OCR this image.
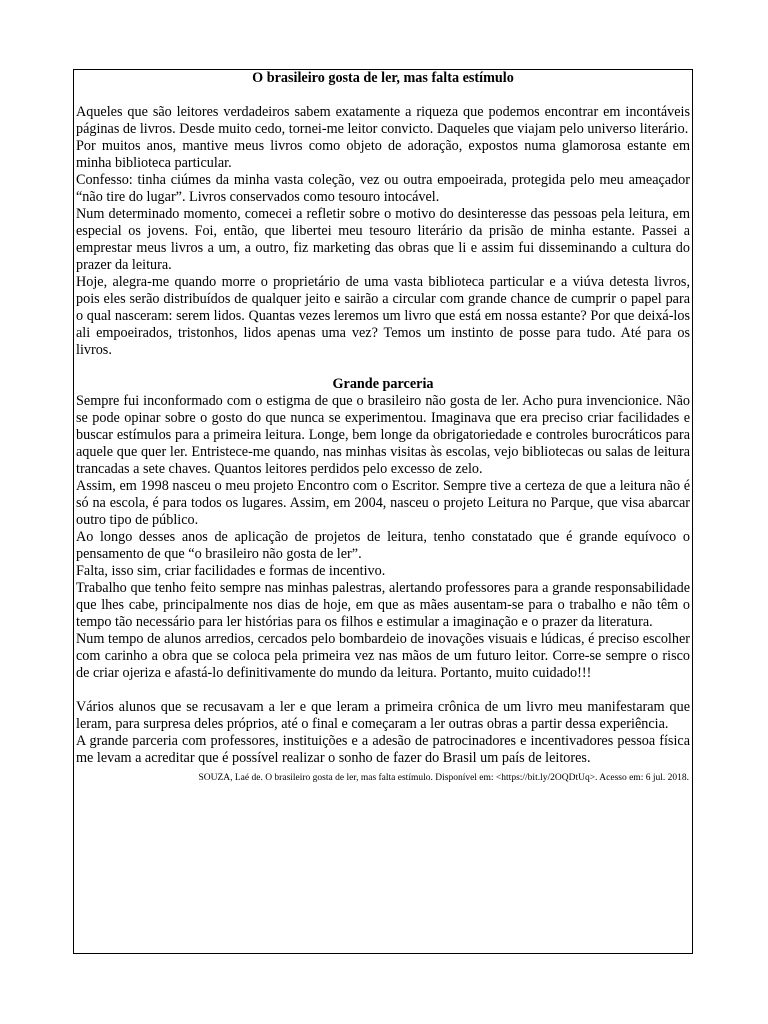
O brasileiro gosta de ler, mas falta estímulo

Aqueles que são leitores verdadeiros sabem exatamente a riqueza que podemos encontrar em incontáveis páginas de livros. Desde muito cedo, tornei-me leitor convicto. Daqueles que viajam pelo universo literário.

Por muitos anos, mantive meus livros como objeto de adoração, expostos numa glamorosa estante em minha biblioteca particular.

Confesso: tinha ciúmes da minha vasta coleção, vez ou outra empoeirada, protegida pelo meu ameaçador “não tire do lugar”. Livros conservados como tesouro intocável.

Num determinado momento, comecei a refletir sobre o motivo do desinteresse das pessoas pela leitura, em especial os jovens. Foi, então, que libertei meu tesouro literário da prisão de minha estante. Passei a emprestar meus livros a um, a outro, fiz marketing das obras que li e assim fui disseminando a cultura do prazer da leitura.

Hoje, alegra-me quando morre o proprietário de uma vasta biblioteca particular e a viúva detesta livros, pois eles serão distribuídos de qualquer jeito e sairão a circular com grande chance de cumprir o papel para o qual nasceram: serem lidos. Quantas vezes leremos um livro que está em nossa estante? Por que deixá-los ali empoeirados, tristonhos, lidos apenas uma vez? Temos um instinto de posse para tudo. Até para os livros.

Grande parceria

Sempre fui inconformado com o estigma de que o brasileiro não gosta de ler. Acho pura invencionice. Não se pode opinar sobre o gosto do que nunca se experimentou. Imaginava que era preciso criar facilidades e buscar estímulos para a primeira leitura. Longe, bem longe da obrigatoriedade e controles burocráticos para aquele que quer ler. Entristece-me quando, nas minhas visitas às escolas, vejo bibliotecas ou salas de leitura trancadas a sete chaves. Quantos leitores perdidos pelo excesso de zelo.

Assim, em 1998 nasceu o meu projeto Encontro com o Escritor. Sempre tive a certeza de que a leitura não é só na escola, é para todos os lugares. Assim, em 2004, nasceu o projeto Leitura no Parque, que visa abarcar outro tipo de público.

Ao longo desses anos de aplicação de projetos de leitura, tenho constatado que é grande equívoco o pensamento de que “o brasileiro não gosta de ler”.

Falta, isso sim, criar facilidades e formas de incentivo.

Trabalho que tenho feito sempre nas minhas palestras, alertando professores para a grande responsabilidade que lhes cabe, principalmente nos dias de hoje, em que as mães ausentam-se para o trabalho e não têm o tempo tão necessário para ler histórias para os filhos e estimular a imaginação e o prazer da literatura.

Num tempo de alunos arredios, cercados pelo bombardeio de inovações visuais e lúdicas, é preciso escolher com carinho a obra que se coloca pela primeira vez nas mãos de um futuro leitor. Corre-se sempre o risco de criar ojeriza e afastá-lo definitivamente do mundo da leitura. Portanto, muito cuidado!!!

Vários alunos que se recusavam a ler e que leram a primeira crônica de um livro meu manifestaram que leram, para surpresa deles próprios, até o final e começaram a ler outras obras a partir dessa experiência.

A grande parceria com professores, instituições e a adesão de patrocinadores e incentivadores pessoa física me levam a acreditar que é possível realizar o sonho de fazer do Brasil um país de leitores.

SOUZA, Laé de. O brasileiro gosta de ler, mas falta estímulo. Disponível em: <https://bit.ly/2OQDtUq>. Acesso em: 6 jul. 2018.
